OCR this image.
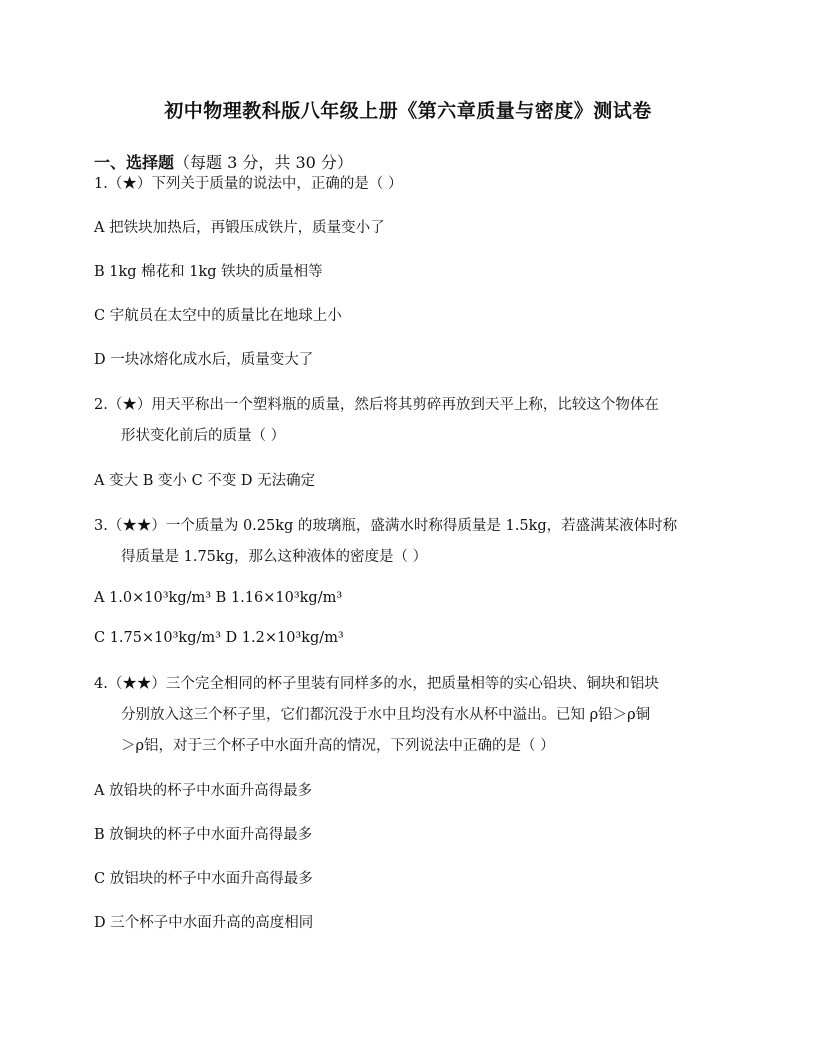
初中物理教科版八年级上册《第六章质量与密度》测试卷
一、选择题（每题 3 分，共 30 分）
1.（★）下列关于质量的说法中，正确的是（ ）
A 把铁块加热后，再锻压成铁片，质量变小了
B 1kg 棉花和 1kg 铁块的质量相等
C 宇航员在太空中的质量比在地球上小
D 一块冰熔化成水后，质量变大了
2.（★）用天平称出一个塑料瓶的质量，然后将其剪碎再放到天平上称，比较这个物体在
形状变化前后的质量（ ）
A 变大 B 变小 C 不变 D 无法确定
3.（★★）一个质量为 0.25kg 的玻璃瓶，盛满水时称得质量是 1.5kg，若盛满某液体时称
得质量是 1.75kg，那么这种液体的密度是（ ）
A 1.0×10³kg/m³ B 1.16×10³kg/m³
C 1.75×10³kg/m³ D 1.2×10³kg/m³
4.（★★）三个完全相同的杯子里装有同样多的水，把质量相等的实心铅块、铜块和铝块
分别放入这三个杯子里，它们都沉没于水中且均没有水从杯中溢出。已知 ρ铅＞ρ铜
＞ρ铝，对于三个杯子中水面升高的情况，下列说法中正确的是（ ）
A 放铅块的杯子中水面升高得最多
B 放铜块的杯子中水面升高得最多
C 放铝块的杯子中水面升高得最多
D 三个杯子中水面升高的高度相同
